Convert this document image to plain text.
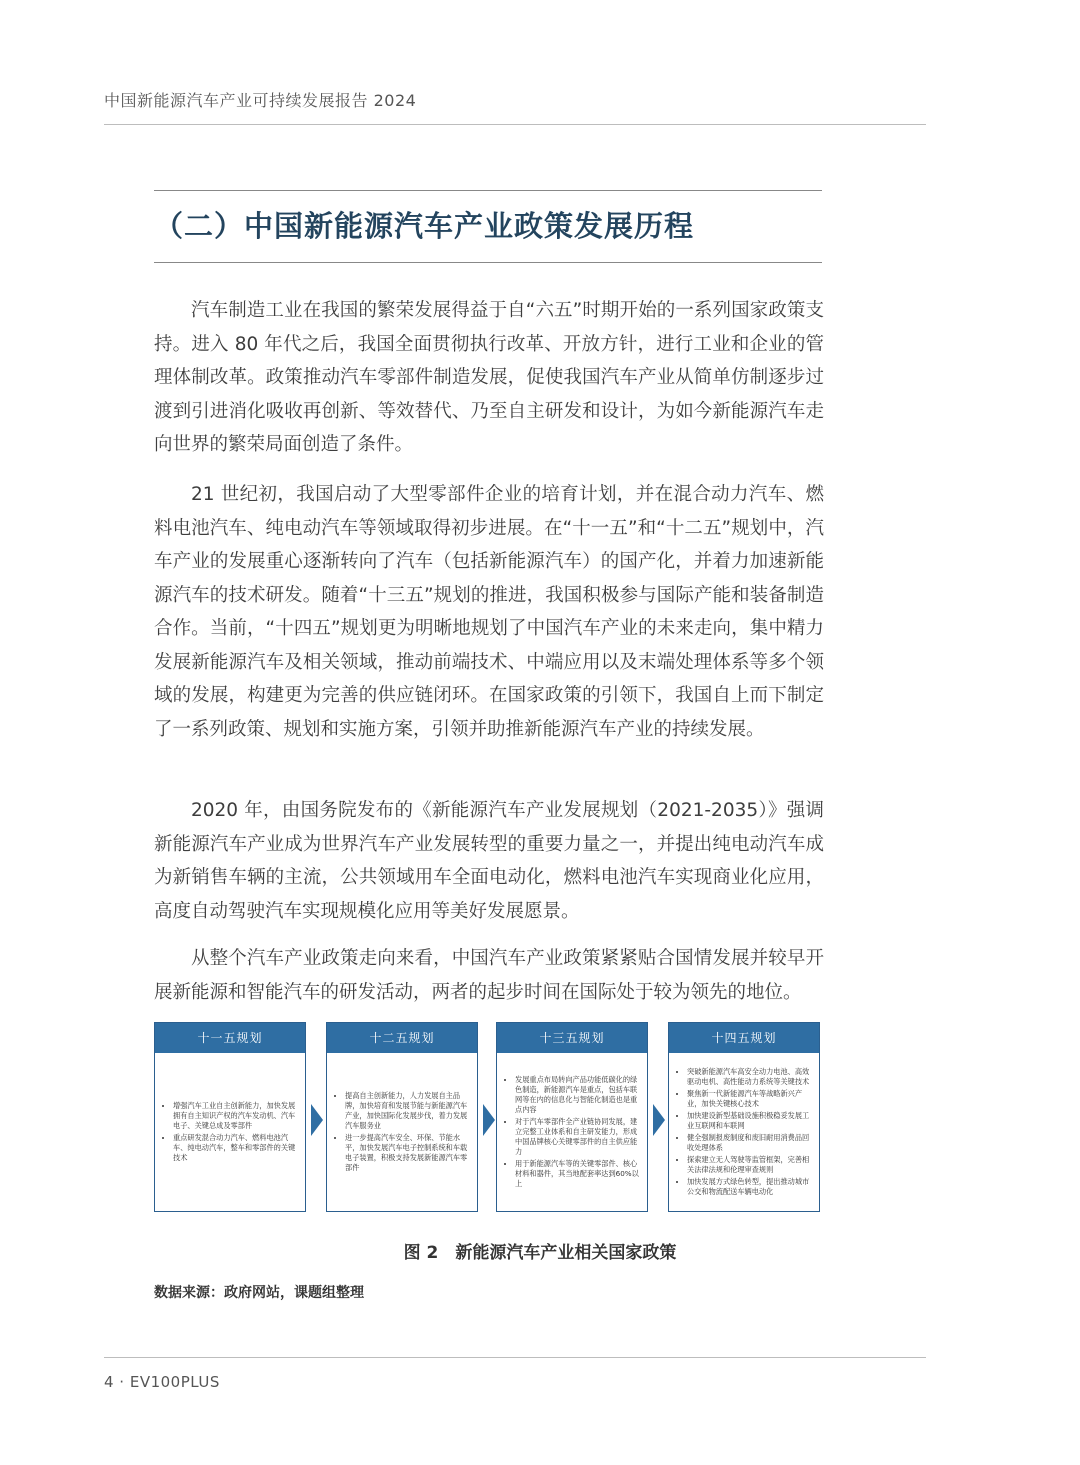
中国新能源汽车产业可持续发展报告 2024
（二）中国新能源汽车产业政策发展历程

汽车制造工业在我国的繁荣发展得益于自“六五”时期开始的一系列国家政策支持。进入 80 年代之后，我国全面贯彻执行改革、开放方针，进行工业和企业的管理体制改革。政策推动汽车零部件制造发展，促使我国汽车产业从简单仿制逐步过渡到引进消化吸收再创新、等效替代、乃至自主研发和设计，为如今新能源汽车走向世界的繁荣局面创造了条件。

21 世纪初，我国启动了大型零部件企业的培育计划，并在混合动力汽车、燃料电池汽车、纯电动汽车等领域取得初步进展。在“十一五”和“十二五”规划中，汽车产业的发展重心逐渐转向了汽车（包括新能源汽车）的国产化，并着力加速新能源汽车的技术研发。随着“十三五”规划的推进，我国积极参与国际产能和装备制造合作。当前，“十四五”规划更为明晰地规划了中国汽车产业的未来走向，集中精力发展新能源汽车及相关领域，推动前端技术、中端应用以及末端处理体系等多个领域的发展，构建更为完善的供应链闭环。在国家政策的引领下，我国自上而下制定了一系列政策、规划和实施方案，引领并助推新能源汽车产业的持续发展。

2020 年，由国务院发布的《新能源汽车产业发展规划（2021-2035）》强调新能源汽车产业成为世界汽车产业发展转型的重要力量之一，并提出纯电动汽车成为新销售车辆的主流，公共领域用车全面电动化，燃料电池汽车实现商业化应用，高度自动驾驶汽车实现规模化应用等美好发展愿景。

从整个汽车产业政策走向来看，中国汽车产业政策紧紧贴合国情发展并较早开展新能源和智能汽车的研发活动，两者的起步时间在国际处于较为领先的地位。

十一五规划
• 增强汽车工业自主创新能力，加快发展拥有自主知识产权的汽车发动机、汽车电子、关键总成及零部件
• 重点研发混合动力汽车、燃料电池汽车、纯电动汽车，整车和零部件的关键技术
十二五规划
• 提高自主创新能力，人力发展自主品牌，加快培育和发展节能与新能源汽车产业，加快国际化发展步伐，着力发展汽车服务业
• 进一步提高汽车安全、环保、节能水平，加快发展汽车电子控制系统和车载电子装置，积极支持发展新能源汽车零部件
十三五规划
• 发展重点布局转向产品功能低碳化的绿色制造，新能源汽车是重点，包括车联网等在内的信息化与智能化制造也是重点内容
• 对于汽车零部件全产业链协同发展，建立完整工业体系和自主研发能力，形成中国品牌核心关键零部件的自主供应能力
• 用于新能源汽车等的关键零部件、核心材料和器件，其当地配套率达到60%以上
十四五规划
• 突破新能源汽车高安全动力电池、高效驱动电机、高性能动力系统等关键技术
• 聚焦新一代新能源汽车等战略新兴产业，加快关键核心技术
• 加快建设新型基础设施积极稳妥发展工业互联网和车联网
• 健全强制报废制度和废旧耐用消费品回收处理体系
• 探索建立无人驾驶等监管框架，完善相关法律法规和伦理审查规则
• 加快发展方式绿色转型，提出推动城市公交和物流配送车辆电动化
图 2　新能源汽车产业相关国家政策
数据来源：政府网站，课题组整理
4 · EV100PLUS
